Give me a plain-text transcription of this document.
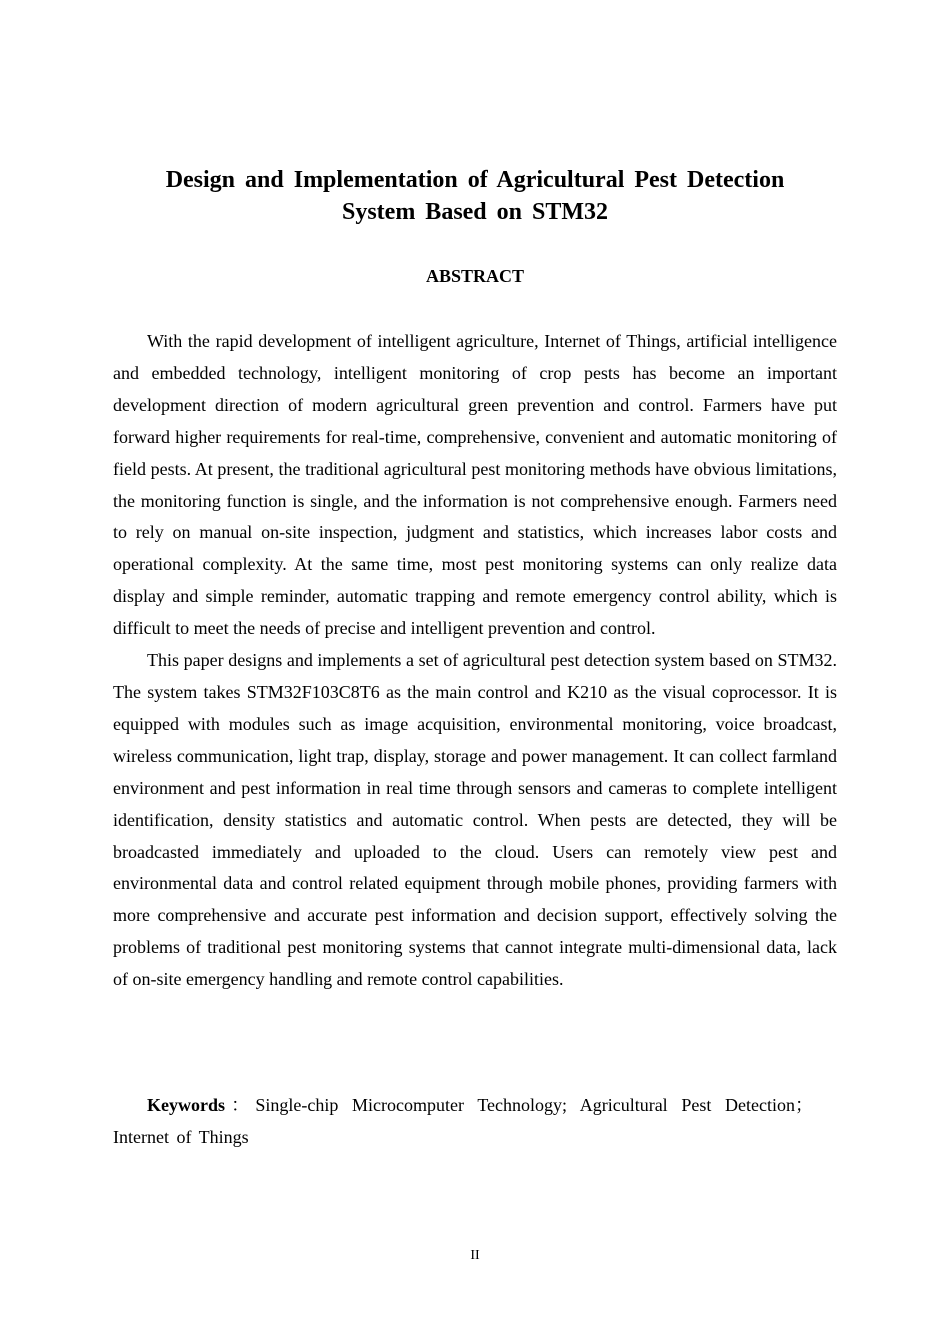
Design and Implementation of Agricultural Pest Detection System Based on STM32
ABSTRACT

With the rapid development of intelligent agriculture, Internet of Things, artificial intelligence and embedded technology, intelligent monitoring of crop pests has become an important development direction of modern agricultural green prevention and control. Farmers have put forward higher requirements for real-time, comprehensive, convenient and automatic monitoring of field pests. At present, the traditional agricultural pest monitoring methods have obvious limitations, the monitoring function is single, and the information is not comprehensive enough. Farmers need to rely on manual on-site inspection, judgment and statistics, which increases labor costs and operational complexity. At the same time, most pest monitoring systems can only realize data display and simple reminder, automatic trapping and remote emergency control ability, which is difficult to meet the needs of precise and intelligent prevention and control.

This paper designs and implements a set of agricultural pest detection system based on STM32. The system takes STM32F103C8T6 as the main control and K210 as the visual coprocessor. It is equipped with modules such as image acquisition, environmental monitoring, voice broadcast, wireless communication, light trap, display, storage and power management. It can collect farmland environment and pest information in real time through sensors and cameras to complete intelligent identification, density statistics and automatic control. When pests are detected, they will be broadcasted immediately and uploaded to the cloud. Users can remotely view pest and environmental data and control related equipment through mobile phones, providing farmers with more comprehensive and accurate pest information and decision support, effectively solving the problems of traditional pest monitoring systems that cannot integrate multi-dimensional data, lack of on-site emergency handling and remote control capabilities.

Keywords：Single-chip Microcomputer Technology; Agricultural Pest Detection；Internet of Things

II
